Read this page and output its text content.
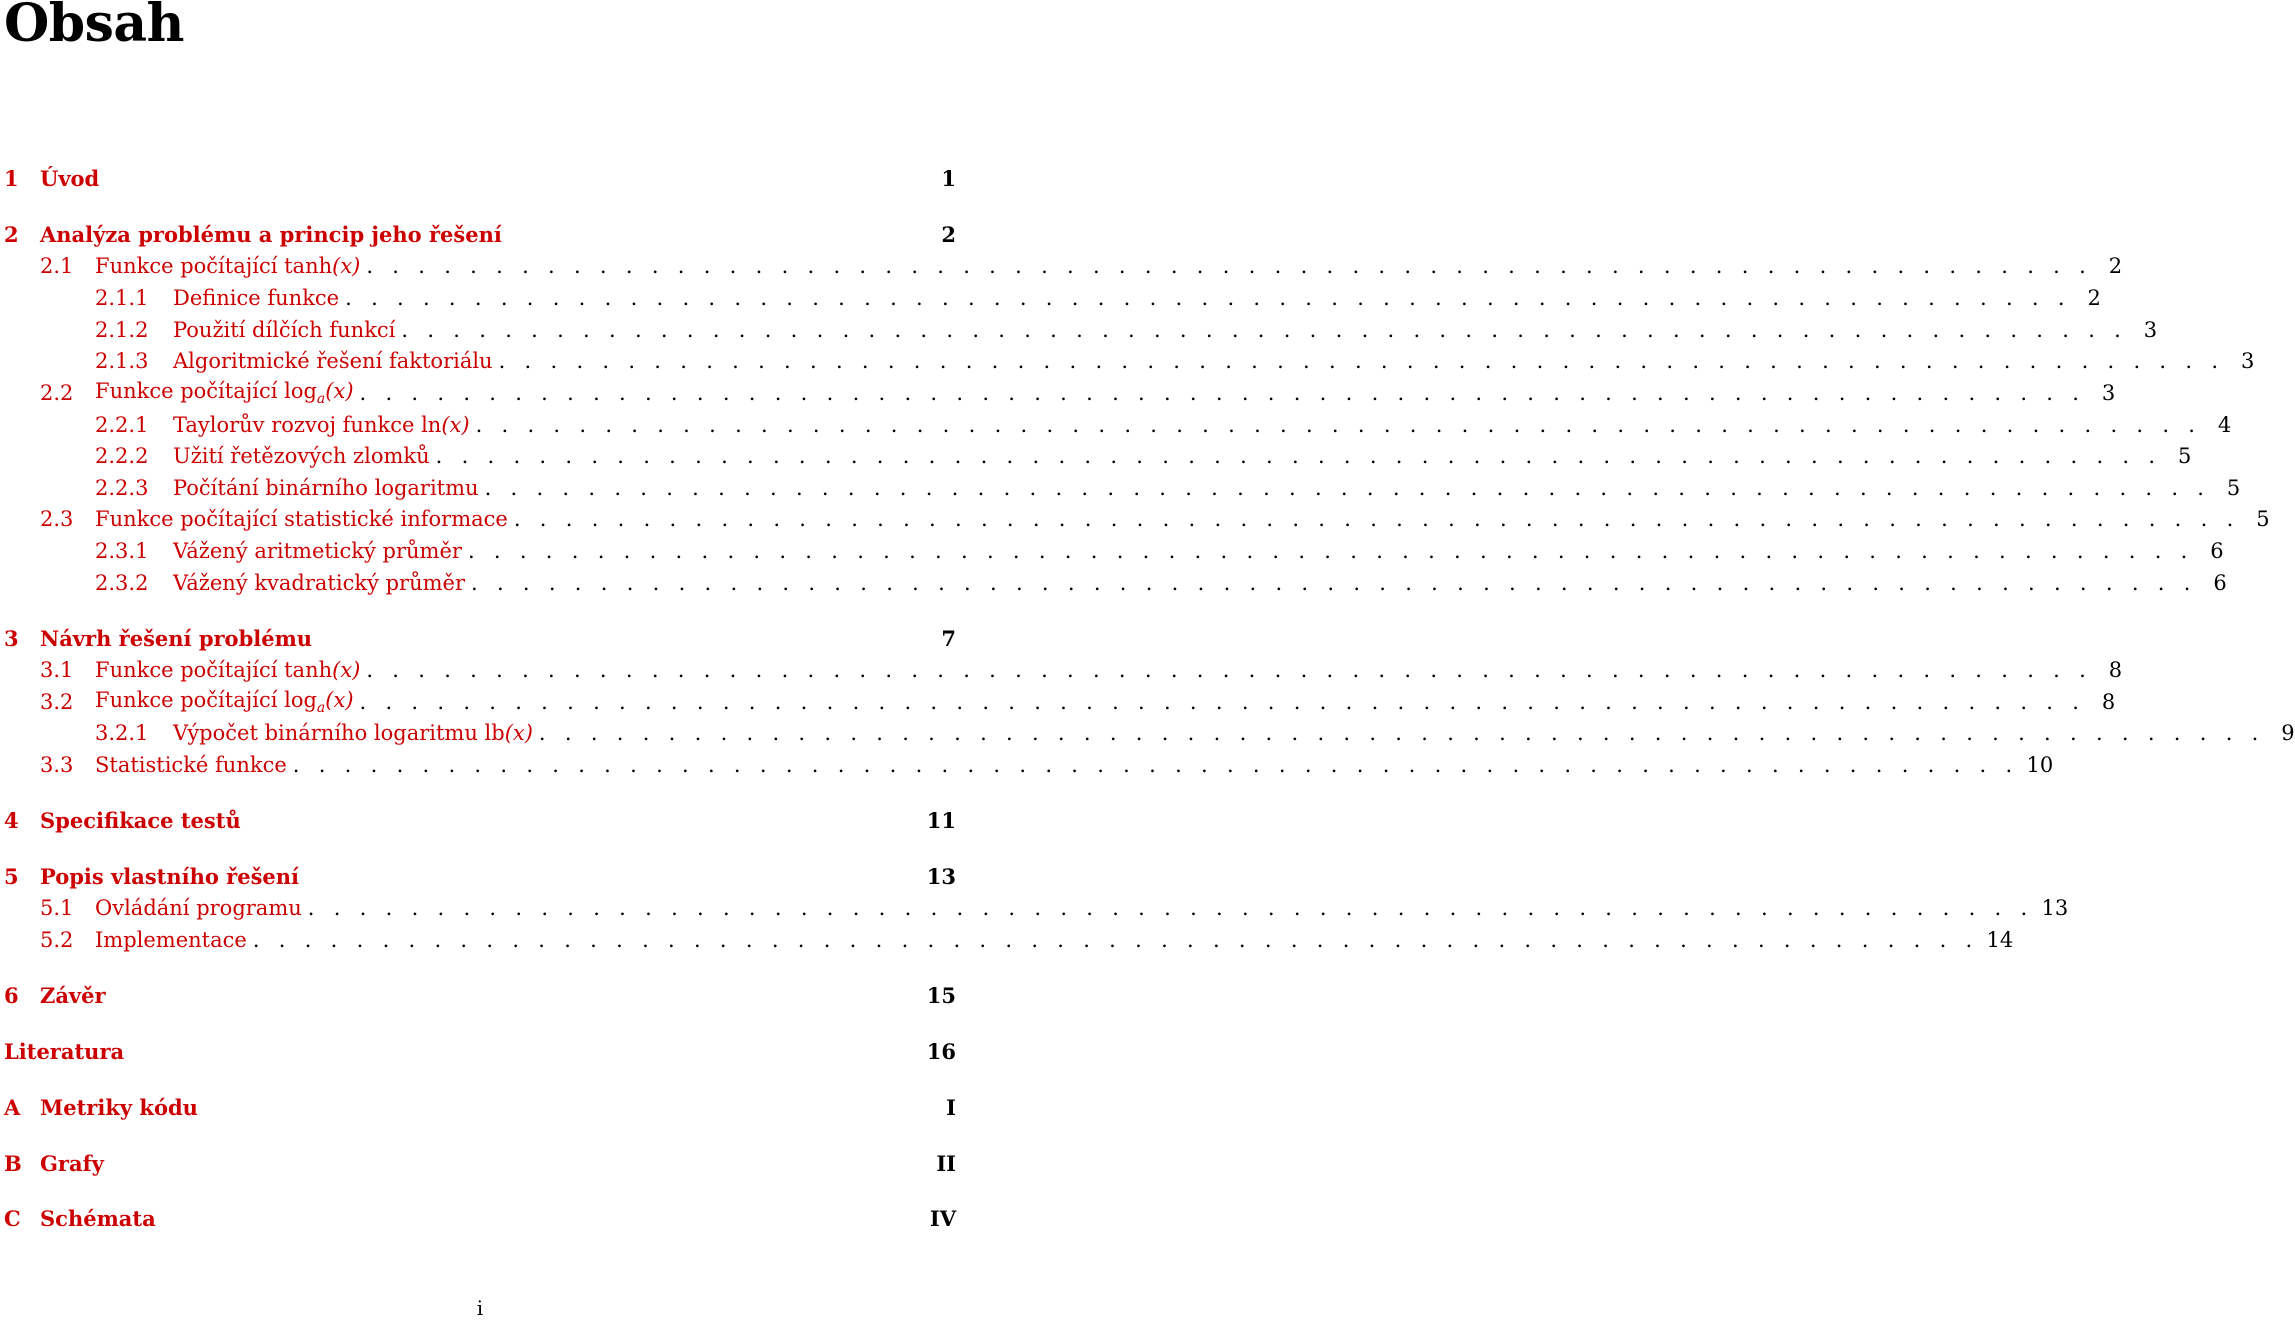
Obsah
1	Úvod	1
2	Analýza problému a princip jeho řešení	2
2.1	Funkce počítající tanh(x) . . . . . . . . . . . . . . . . . . . . . . . . . . . . . . . . . . . . . . . . . . . . . . . . . . . . . . . . . . . . . . . . . . . 2
2.1.1	Definice funkce . . . . . . . . . . . . . . . . . . . . . . . . . . . . . . . . . . . . . . . . . . . . . . . . . . . . . . . . . . . . . . . . . . . 2
2.1.2	Použití dílčích funkcí . . . . . . . . . . . . . . . . . . . . . . . . . . . . . . . . . . . . . . . . . . . . . . . . . . . . . . . . . . . . . . . . . . . 3
2.1.3	Algoritmické řešení faktoriálu . . . . . . . . . . . . . . . . . . . . . . . . . . . . . . . . . . . . . . . . . . . . . . . . . . . . . . . . . . . . . . . . . . . 3
2.2	Funkce počítající $\log_a(x)$ . . . . . . . . . . . . . . . . . . . . . . . . . . . . . . . . . . . . . . . . . . . . . . . . . . . . . . . . . . . . . . . . . . . 3
2.2.1	Taylorův rozvoj funkce ln(x) . . . . . . . . . . . . . . . . . . . . . . . . . . . . . . . . . . . . . . . . . . . . . . . . . . . . . . . . . . . . . . . . . . . 4
2.2.2	Užití řetězových zlomků . . . . . . . . . . . . . . . . . . . . . . . . . . . . . . . . . . . . . . . . . . . . . . . . . . . . . . . . . . . . . . . . . . . 5
2.2.3	Počítání binárního logaritmu . . . . . . . . . . . . . . . . . . . . . . . . . . . . . . . . . . . . . . . . . . . . . . . . . . . . . . . . . . . . . . . . . . . 5
2.3	Funkce počítající statistické informace . . . . . . . . . . . . . . . . . . . . . . . . . . . . . . . . . . . . . . . . . . . . . . . . . . . . . . . . . . . . . . . . . . . 5
2.3.1	Vážený aritmetický průměr . . . . . . . . . . . . . . . . . . . . . . . . . . . . . . . . . . . . . . . . . . . . . . . . . . . . . . . . . . . . . . . . . . . 6
2.3.2	Vážený kvadratický průměr . . . . . . . . . . . . . . . . . . . . . . . . . . . . . . . . . . . . . . . . . . . . . . . . . . . . . . . . . . . . . . . . . . . 6
3	Návrh řešení problému	7
3.1	Funkce počítající tanh(x) . . . . . . . . . . . . . . . . . . . . . . . . . . . . . . . . . . . . . . . . . . . . . . . . . . . . . . . . . . . . . . . . . . . 8
3.2	Funkce počítající $\log_a(x)$ . . . . . . . . . . . . . . . . . . . . . . . . . . . . . . . . . . . . . . . . . . . . . . . . . . . . . . . . . . . . . . . . . . . 8
3.2.1	Výpočet binárního logaritmu lb(x) . . . . . . . . . . . . . . . . . . . . . . . . . . . . . . . . . . . . . . . . . . . . . . . . . . . . . . . . . . . . . . . . . . . 9
3.3	Statistické funkce . . . . . . . . . . . . . . . . . . . . . . . . . . . . . . . . . . . . . . . . . . . . . . . . . . . . . . . . . . . . . . . . . . . 10
4	Specifikace testů	11
5	Popis vlastního řešení	13
5.1	Ovládání programu . . . . . . . . . . . . . . . . . . . . . . . . . . . . . . . . . . . . . . . . . . . . . . . . . . . . . . . . . . . . . . . . . . . 13
5.2	Implementace . . . . . . . . . . . . . . . . . . . . . . . . . . . . . . . . . . . . . . . . . . . . . . . . . . . . . . . . . . . . . . . . . . . 14
6	Závěr	15
Literatura	16
A Metriky kódu	I
B Grafy	II
C Schémata	IV
i
